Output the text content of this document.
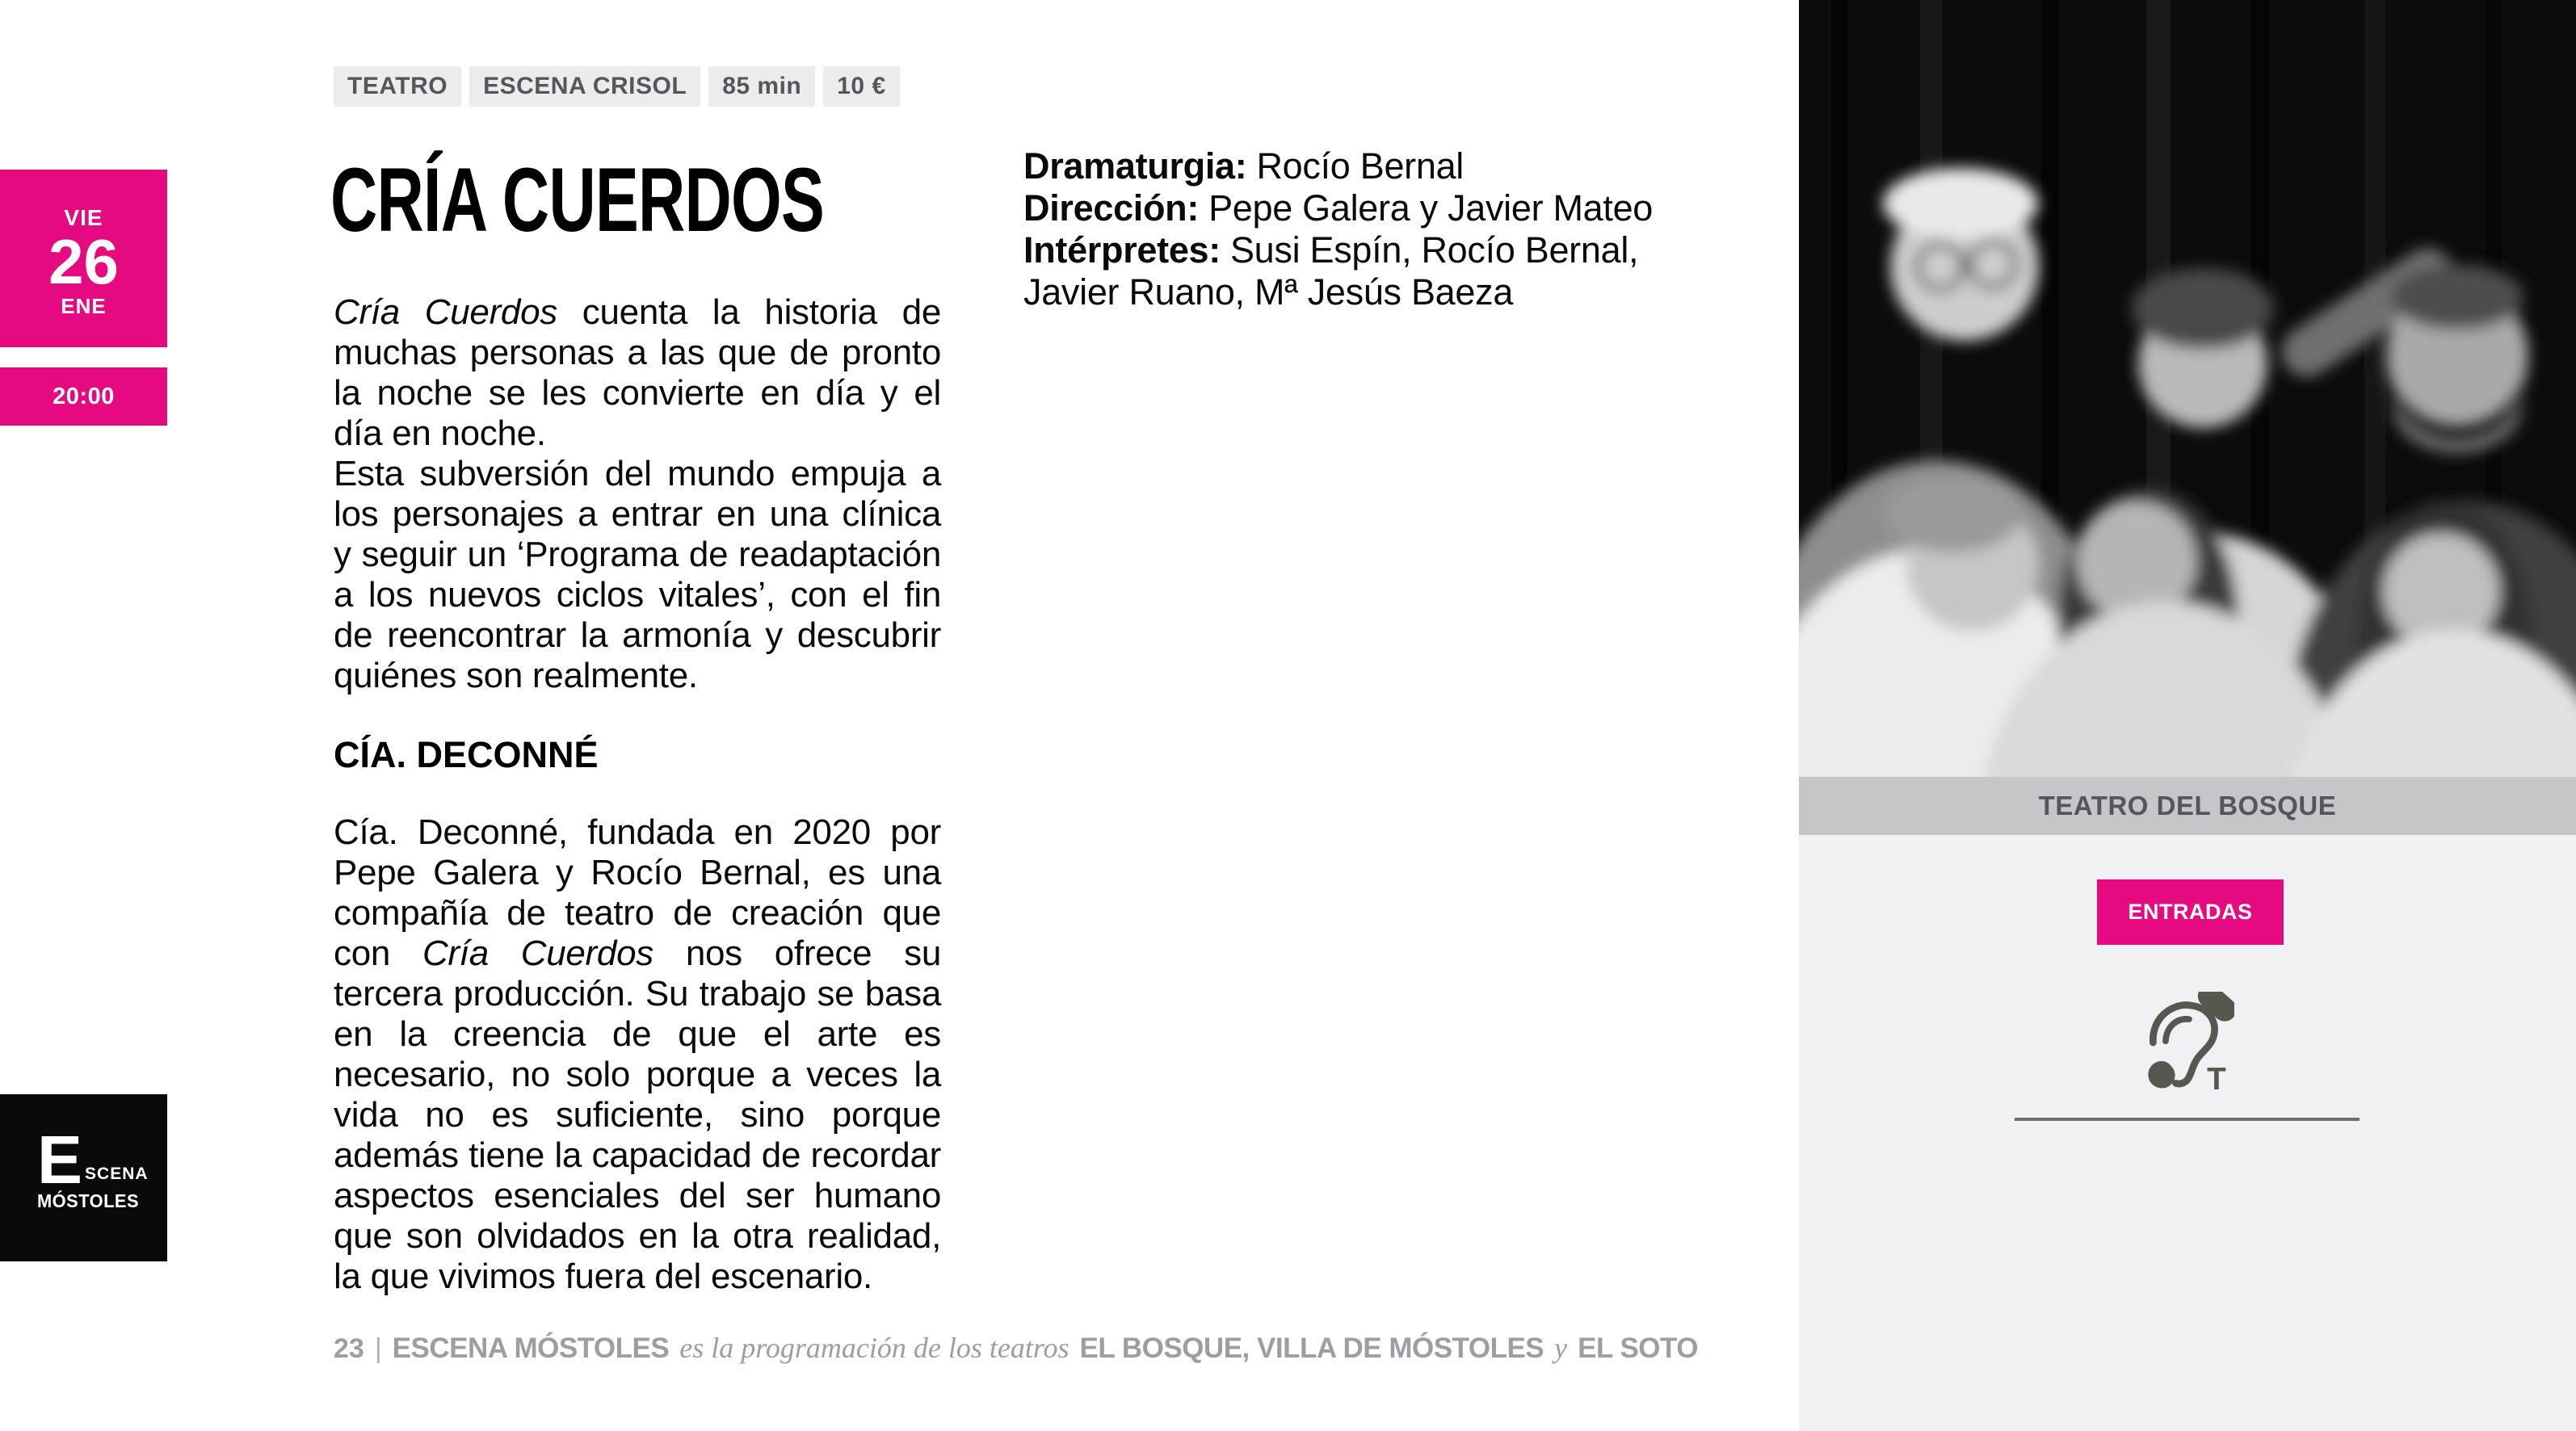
VIE
26
ENE
20:00
E SCENA
MÓSTOLES
TEATRO	ESCENA CRISOL	85 min	10 €
CRÍA CUERDOS

Cría Cuerdos cuenta la historia de muchas personas a las que de pronto la noche se les convierte en día y el día en noche.

Esta subversión del mundo empuja a los personajes a entrar en una clínica y seguir un ‘Programa de readaptación a los nuevos ciclos vitales’, con el fin de reencontrar la armonía y descubrir quiénes son realmente.

CÍA. DECONNÉ

Cía. Deconné, fundada en 2020 por Pepe Galera y Rocío Bernal, es una compañía de teatro de creación que con Cría Cuerdos nos ofrece su tercera producción. Su trabajo se basa en la creencia de que el arte es necesario, no solo porque a veces la vida no es suficiente, sino porque además tiene la capacidad de recordar aspectos esenciales del ser humano que son olvidados en la otra realidad, la que vivimos fuera del escenario.

Dramaturgia: Rocío Bernal
Dirección: Pepe Galera y Javier Mateo
Intérpretes: Susi Espín, Rocío Bernal, Javier Ruano, Mª Jesús Baeza
TEATRO DEL BOSQUE
ENTRADAS
T
23 | ESCENA MÓSTOLES es la programación de los teatros EL BOSQUE, VILLA DE MÓSTOLES y EL SOTO
